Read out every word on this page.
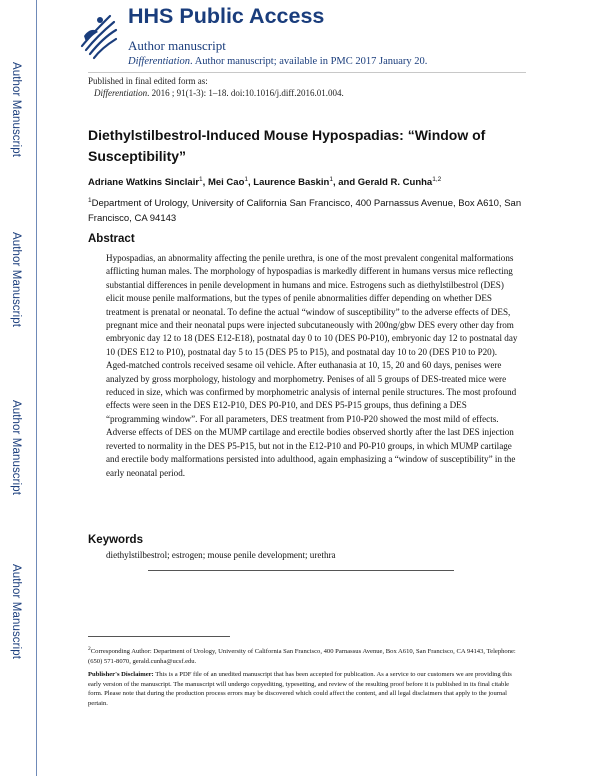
Author Manuscript
Author Manuscript
Author Manuscript
Author Manuscript
HHS Public Access
Author manuscript
Differentiation. Author manuscript; available in PMC 2017 January 20.
Published in final edited form as:
Differentiation. 2016 ; 91(1-3): 1–18. doi:10.1016/j.diff.2016.01.004.
Diethylstilbestrol-Induced Mouse Hypospadias: “Window of Susceptibility”
Adriane Watkins Sinclair$^1$, Mei Cao$^1$, Laurence Baskin$^1$, and Gerald R. Cunha$^{1,2}$
$^1$Department of Urology, University of California San Francisco, 400 Parnassus Avenue, Box A610, San Francisco, CA 94143
Abstract
Hypospadias, an abnormality affecting the penile urethra, is one of the most prevalent congenital malformations afflicting human males. The morphology of hypospadias is markedly different in humans versus mice reflecting substantial differences in penile development in humans and mice. Estrogens such as diethylstilbestrol (DES) elicit mouse penile malformations, but the types of penile abnormalities differ depending on whether DES treatment is prenatal or neonatal. To define the actual “window of susceptibility” to the adverse effects of DES, pregnant mice and their neonatal pups were injected subcutaneously with 200ng/gbw DES every other day from embryonic day 12 to 18 (DES E12-E18), postnatal day 0 to 10 (DES P0-P10), embryonic day 12 to postnatal day 10 (DES E12 to P10), postnatal day 5 to 15 (DES P5 to P15), and postnatal day 10 to 20 (DES P10 to P20). Aged-matched controls received sesame oil vehicle. After euthanasia at 10, 15, 20 and 60 days, penises were analyzed by gross morphology, histology and morphometry. Penises of all 5 groups of DES-treated mice were reduced in size, which was confirmed by morphometric analysis of internal penile structures. The most profound effects were seen in the DES E12-P10, DES P0-P10, and DES P5-P15 groups, thus defining a DES “programming window”. For all parameters, DES treatment from P10-P20 showed the most mild of effects. Adverse effects of DES on the MUMP cartilage and erectile bodies observed shortly after the last DES injection reverted to normality in the DES P5-P15, but not in the E12-P10 and P0-P10 groups, in which MUMP cartilage and erectile body malformations persisted into adulthood, again emphasizing a “window of susceptibility” in the early neonatal period.
Keywords
diethylstilbestrol; estrogen; mouse penile development; urethra
$^2$Corresponding Author: Department of Urology, University of California San Francisco, 400 Parnassus Avenue, Box A610, San Francisco, CA 94143, Telephone: (650) 571-8070, gerald.cunha@ucsf.edu.
Publisher's Disclaimer: This is a PDF file of an unedited manuscript that has been accepted for publication. As a service to our customers we are providing this early version of the manuscript. The manuscript will undergo copyediting, typesetting, and review of the resulting proof before it is published in its final citable form. Please note that during the production process errors may be discovered which could affect the content, and all legal disclaimers that apply to the journal pertain.
